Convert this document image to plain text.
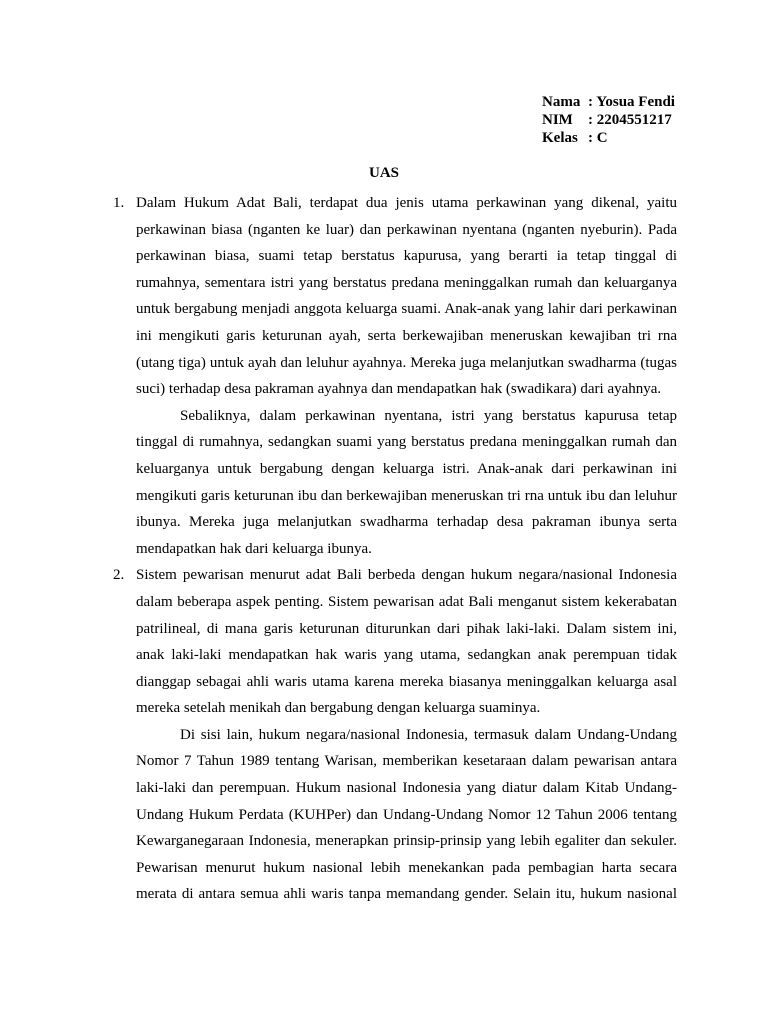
Nama : Yosua Fendi
NIM : 2204551217
Kelas : C
UAS
1. Dalam Hukum Adat Bali, terdapat dua jenis utama perkawinan yang dikenal, yaitu perkawinan biasa (nganten ke luar) dan perkawinan nyentana (nganten nyeburin). Pada perkawinan biasa, suami tetap berstatus kapurusa, yang berarti ia tetap tinggal di rumahnya, sementara istri yang berstatus predana meninggalkan rumah dan keluarganya untuk bergabung menjadi anggota keluarga suami. Anak-anak yang lahir dari perkawinan ini mengikuti garis keturunan ayah, serta berkewajiban meneruskan kewajiban tri rna (utang tiga) untuk ayah dan leluhur ayahnya. Mereka juga melanjutkan swadharma (tugas suci) terhadap desa pakraman ayahnya dan mendapatkan hak (swadikara) dari ayahnya.

Sebaliknya, dalam perkawinan nyentana, istri yang berstatus kapurusa tetap tinggal di rumahnya, sedangkan suami yang berstatus predana meninggalkan rumah dan keluarganya untuk bergabung dengan keluarga istri. Anak-anak dari perkawinan ini mengikuti garis keturunan ibu dan berkewajiban meneruskan tri rna untuk ibu dan leluhur ibunya. Mereka juga melanjutkan swadharma terhadap desa pakraman ibunya serta mendapatkan hak dari keluarga ibunya.

2. Sistem pewarisan menurut adat Bali berbeda dengan hukum negara/nasional Indonesia dalam beberapa aspek penting. Sistem pewarisan adat Bali menganut sistem kekerabatan patrilineal, di mana garis keturunan diturunkan dari pihak laki-laki. Dalam sistem ini, anak laki-laki mendapatkan hak waris yang utama, sedangkan anak perempuan tidak dianggap sebagai ahli waris utama karena mereka biasanya meninggalkan keluarga asal mereka setelah menikah dan bergabung dengan keluarga suaminya.

Di sisi lain, hukum negara/nasional Indonesia, termasuk dalam Undang-Undang Nomor 7 Tahun 1989 tentang Warisan, memberikan kesetaraan dalam pewarisan antara laki-laki dan perempuan. Hukum nasional Indonesia yang diatur dalam Kitab Undang-Undang Hukum Perdata (KUHPer) dan Undang-Undang Nomor 12 Tahun 2006 tentang Kewarganegaraan Indonesia, menerapkan prinsip-prinsip yang lebih egaliter dan sekuler. Pewarisan menurut hukum nasional lebih menekankan pada pembagian harta secara merata di antara semua ahli waris tanpa memandang gender. Selain itu, hukum nasional
